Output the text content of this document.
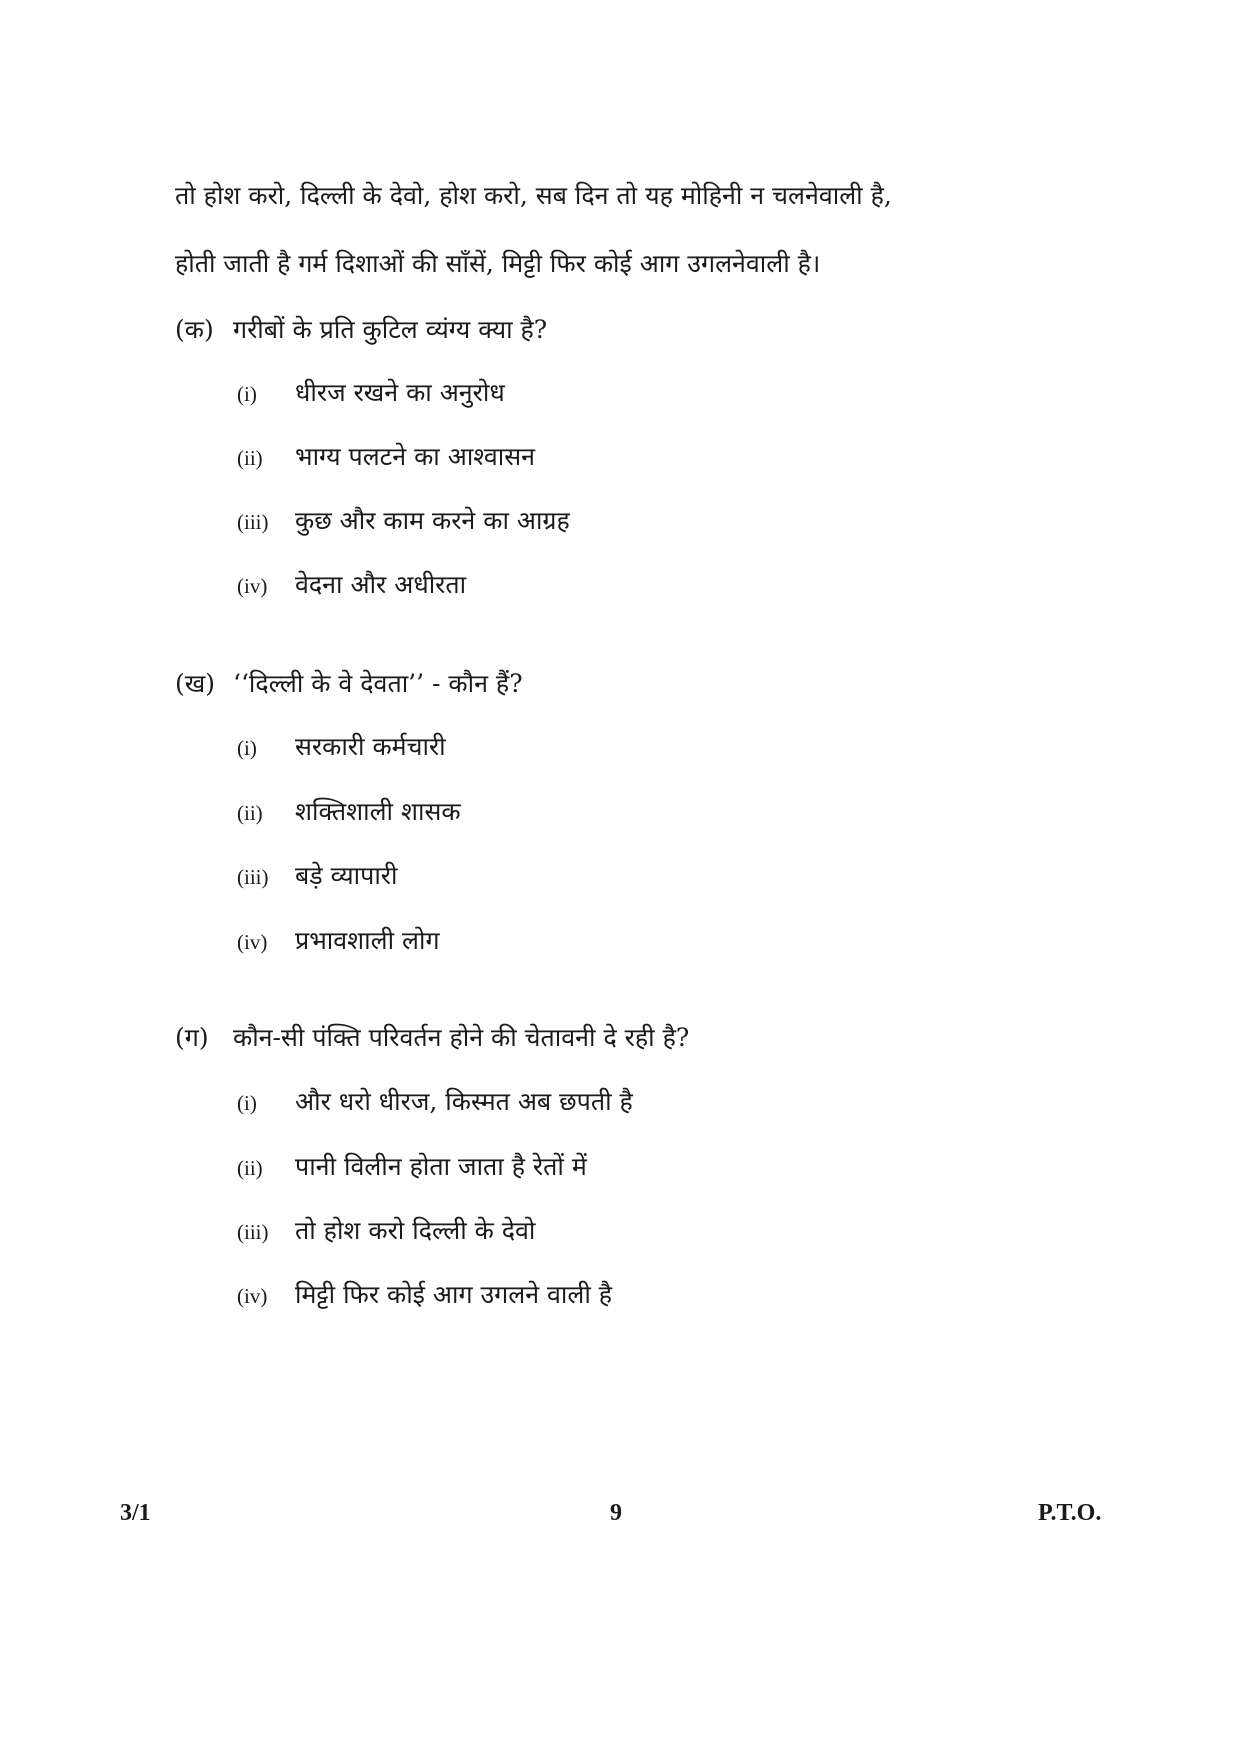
तो होश करो, दिल्ली के देवो, होश करो, सब दिन तो यह मोहिनी न चलनेवाली है,
होती जाती है गर्म दिशाओं की साँसें, मिट्टी फिर कोई आग उगलनेवाली है।
(क) गरीबों के प्रति कुटिल व्यंग्य क्या है?
(i) धीरज रखने का अनुरोध
(ii) भाग्य पलटने का आश्वासन
(iii) कुछ और काम करने का आग्रह
(iv) वेदना और अधीरता
(ख) ‘‘दिल्ली के वे देवता’’ - कौन हैं?
(i) सरकारी कर्मचारी
(ii) शक्तिशाली शासक
(iii) बड़े व्यापारी
(iv) प्रभावशाली लोग
(ग) कौन-सी पंक्ति परिवर्तन होने की चेतावनी दे रही है?
(i) और धरो धीरज, किस्मत अब छपती है
(ii) पानी विलीन होता जाता है रेतों में
(iii) तो होश करो दिल्ली के देवो
(iv) मिट्टी फिर कोई आग उगलने वाली है
3/1	9	P.T.O.
